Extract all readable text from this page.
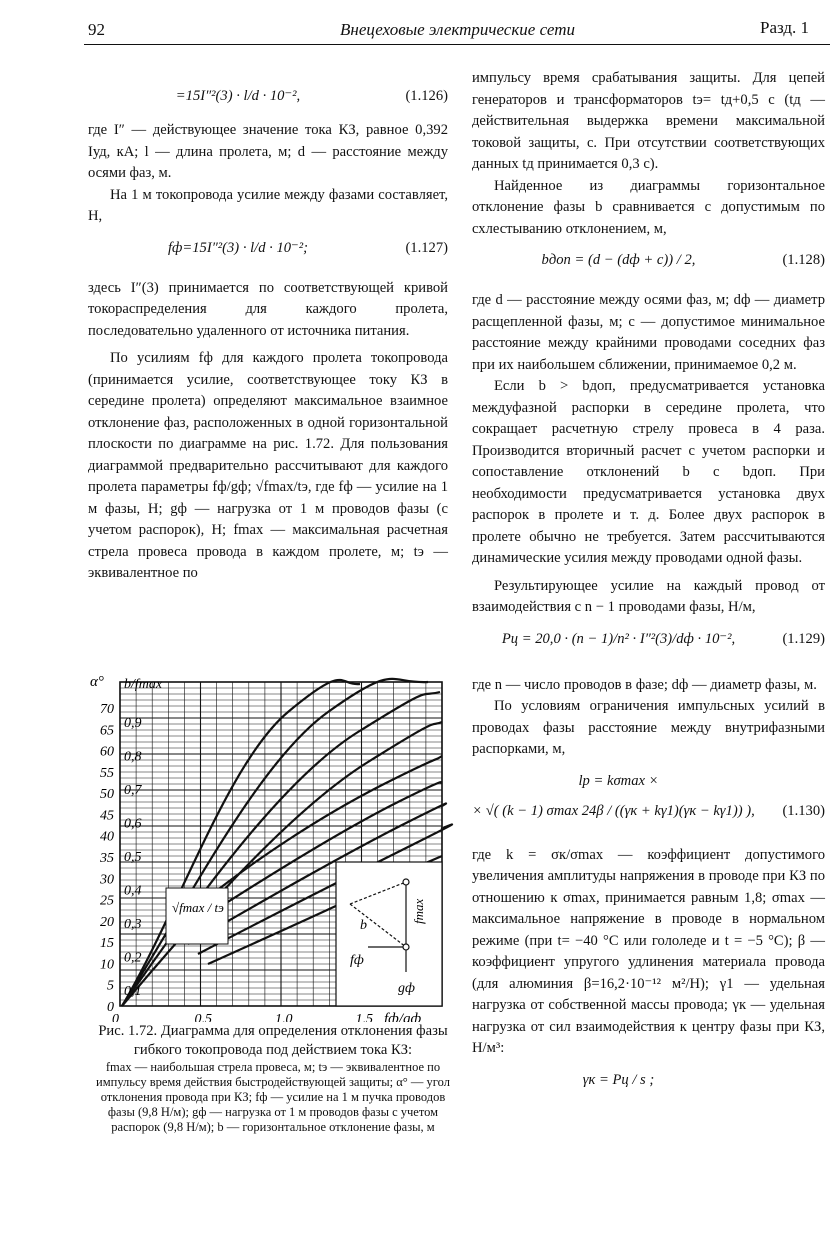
92	Внецеховые электрические сети	Разд. 1
=15I″²(3) · l/d · 10⁻²,	(1.126)

где I″ — действующее значение тока КЗ, равное 0,392 Iуд, кА; l — длина пролета, м; d — расстояние между осями фаз, м.

На 1 м токопровода усилие между фазами составляет, Н,

fф=15I″²(3) · l/d · 10⁻²;	(1.127)

здесь I″(3) принимается по соответствующей кривой токораспределения для каждого пролета, последовательно удаленного от источника питания.

По усилиям fф для каждого пролета токопровода (принимается усилие, соответствующее току КЗ в середине пролета) определяют максимальное взаимное отклонение фаз, расположенных в одной горизонтальной плоскости по диаграмме на рис. 1.72. Для пользования диаграммой предварительно рассчитывают для каждого пролета параметры fф/gф; √fmax/tэ, где fф — усилие на 1 м фазы, Н; gф — нагрузка от 1 м проводов фазы (с учетом распорок), Н; fmax — максимальная расчетная стрела провеса провода в каждом пролете, м; tэ — эквивалентное по

α° b/fmax
70
65
60
55
50
45
40
35
30
25
20
15
10
5
0
0,9
0,8
0,7
0,6
0,5
0,4
0,3
0,2
0,1
0	0,5	1,0	1,5 fф/gф
√fmax / tэ
b
fmax
fф
gф

Рис. 1.72. Диаграмма для определения отклонения фазы гибкого токопровода под действием тока КЗ:

fmax — наибольшая стрела провеса, м; tэ — эквивалентное по импульсу время действия быстродействующей защиты; α° — угол отклонения провода при КЗ; fф — усилие на 1 м пучка проводов фазы (9,8 Н/м); gф — нагрузка от 1 м проводов фазы с учетом распорок (9,8 Н/м); b — горизонтальное отклонение фазы, м

импульсу время срабатывания защиты. Для цепей генераторов и трансформаторов tэ= tд+0,5 с (tд — действительная выдержка времени максимальной токовой защиты, с. При отсутствии соответствующих данных tд принимается 0,3 с).

Найденное из диаграммы горизонтальное отклонение фазы b сравнивается с допустимым по схлестыванию отклонением, м,

bдоп = (d − (dф + c)) / 2,	(1.128)

где d — расстояние между осями фаз, м; dф — диаметр расщепленной фазы, м; c — допустимое минимальное расстояние между крайними проводами соседних фаз при их наибольшем сближении, принимаемое 0,2 м.

Если b > bдоп, предусматривается установка междуфазной распорки в середине пролета, что сокращает расчетную стрелу провеса в 4 раза. Производится вторичный расчет с учетом распорки и сопоставление отклонений b с bдоп. При необходимости предусматривается установка двух распорок в пролете и т. д. Более двух распорок в пролете обычно не требуется. Затем рассчитываются динамические усилия между проводами одной фазы.

Результирующее усилие на каждый провод от взаимодействия с n − 1 проводами фазы, Н/м,

Pц = 20,0 · (n − 1)/n² · I″²(3)/dф · 10⁻²,	(1.129)

где n — число проводов в фазе; dф — диаметр фазы, м.

По условиям ограничения импульсных усилий в проводах фазы расстояние между внутрифазными распорками, м,

lр = kσmax ×
× √( (k − 1) σmax 24β / ((γк + kγ1)(γк − kγ1)) ), (1.130)

где k = σк/σmax — коэффициент допустимого увеличения амплитуды напряжения в проводе при КЗ по отношению к σmax, принимается равным 1,8; σmax — максимальное напряжение в проводе в нормальном режиме (при t= −40 °C или гололеде и t = −5 °C); β — коэффициент упругого удлинения материала провода (для алюминия β=16,2·10⁻¹² м²/Н); γ1 — удельная нагрузка от собственной массы провода; γк — удельная нагрузка от сил взаимодействия к центру фазы при КЗ, Н/м³:

γк = Pц / s ;
